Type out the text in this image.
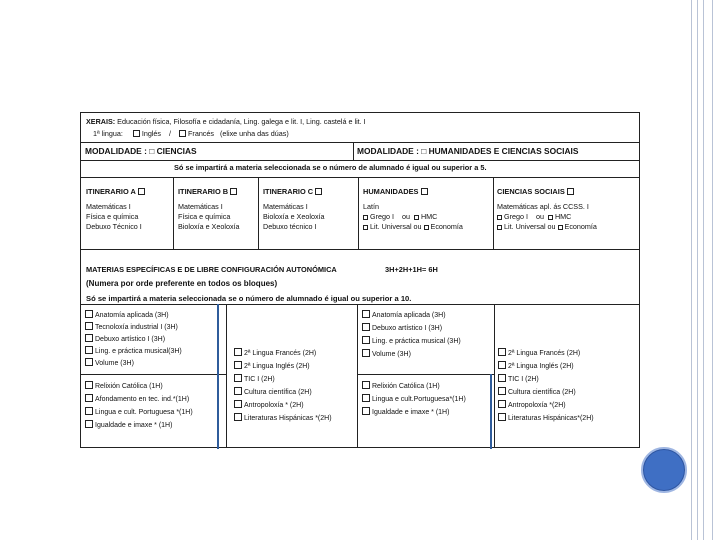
XERAIS: Educación física, Filosofía e cidadanía, Ling. galega e lit. I, Ling. castelá e lit. I
1ª lingua:	Inglés / Francés (elixe unha das dúas)
MODALIDADE : □ CIENCIAS	MODALIDADE : □ HUMANIDADES E CIENCIAS SOCIAIS
Só se impartirá a materia seleccionada se o número de alumnado é igual ou superior a 5.
ITINERARIO A
Matemáticas I
Física e química
Debuxo Técnico I
ITINERARIO B
Matemáticas I
Física e química
Bioloxía e Xeoloxía
ITINERARIO C
Matemáticas I
Bioloxía e Xeoloxía
Debuxo técnico I
HUMANIDADES
Latín
Grego I ou HMC
Lit. Universal ou Economía
CIENCIAS SOCIAIS
Matemáticas apl. ás CCSS. I
Grego I ou HMC
Lit. Universal ou Economía
MATERIAS ESPECÍFICAS E DE LIBRE CONFIGURACIÓN AUTONÓMICA	3H+2H+1H= 6H
(Numera por orde preferente en todos os bloques)
Só se impartirá a materia seleccionada se o número de alumnado é igual ou superior a 10.
Anatomía aplicada (3H)
Tecnoloxía industrial I (3H)
Debuxo artístico I (3H)
Ling. e práctica musical(3H)
Volume (3H)
Relixión Católica (1H)
Afondamento en tec. ind.*(1H)
Lingua e cult. Portuguesa *(1H)
Igualdade e imaxe * (1H)
2ª Lingua Francés (2H)
2ª Lingua Inglés (2H)
TIC I (2H)
Cultura científica (2H)
Antropoloxía * (2H)
Literaturas Hispánicas *(2H)
Anatomía aplicada (3H)
Debuxo artístico I (3H)
Ling. e práctica musical (3H)
Volume (3H)
Relixión Católica (1H)
Lingua e cult.Portuguesa*(1H)
Igualdade e imaxe * (1H)
2ª Lingua Francés (2H)
2ª Lingua Inglés (2H)
TIC I (2H)
Cultura científica (2H)
Antropoloxía *(2H)
Literaturas Hispánicas*(2H)
